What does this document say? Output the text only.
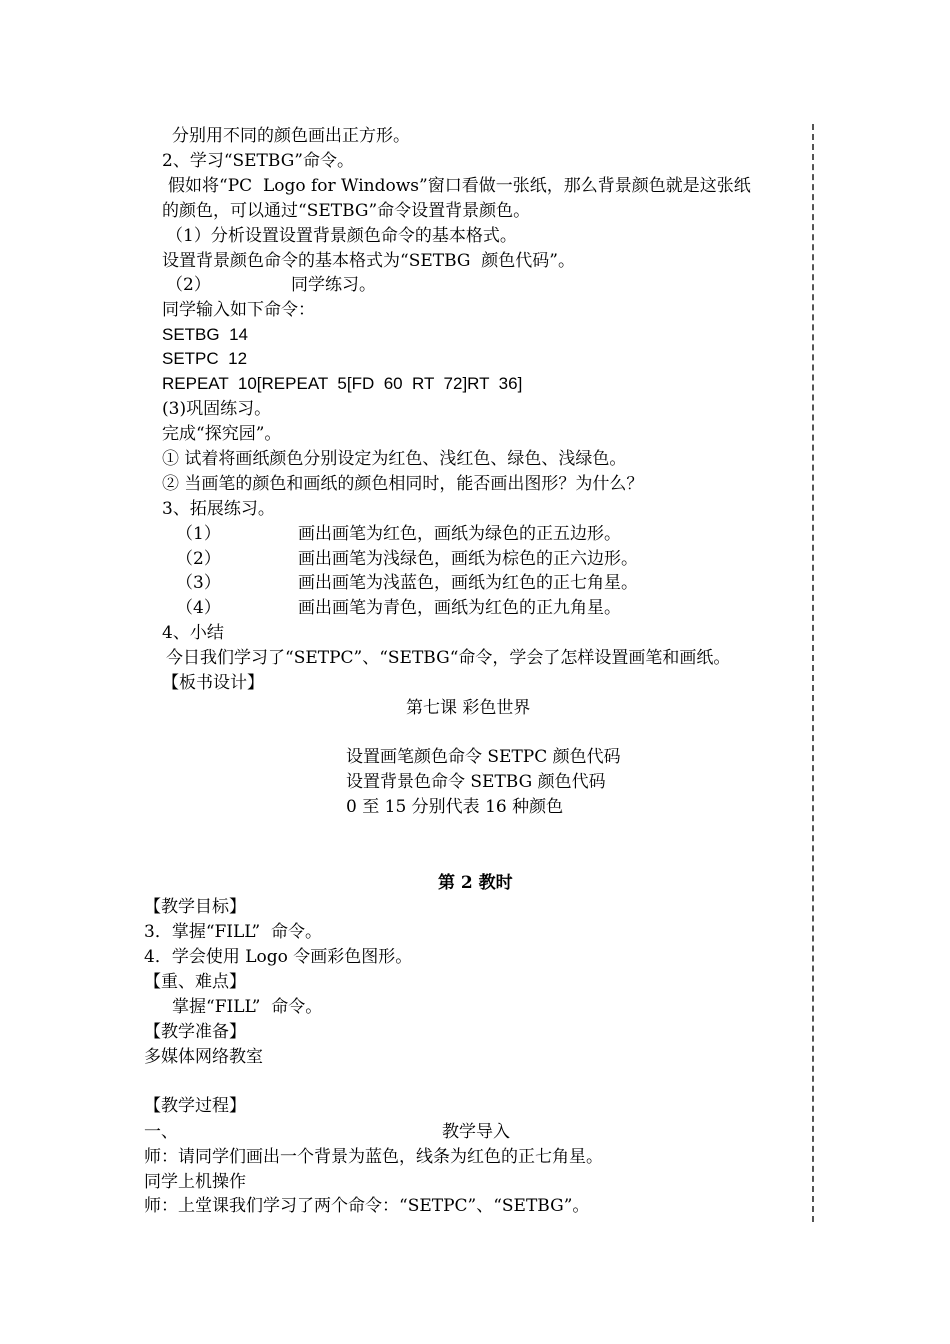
分别用不同的颜色画出正方形。
2、学习“SETBG”命令。
假如将“PC  Logo for Windows”窗口看做一张纸，那么背景颜色就是这张纸
的颜色，可以通过“SETBG”命令设置背景颜色。
（1）分析设置设置背景颜色命令的基本格式。
设置背景颜色命令的基本格式为“SETBG  颜色代码”。
（2）	同学练习。
同学输入如下命令：
SETBG  14
SETPC  12
REPEAT  10[REPEAT  5[FD  60  RT  72]RT  36]
(3)巩固练习。
完成“探究园”。
① 试着将画纸颜色分别设定为红色、浅红色、绿色、浅绿色。
② 当画笔的颜色和画纸的颜色相同时，能否画出图形？为什么？
3、拓展练习。
（1）	画出画笔为红色，画纸为绿色的正五边形。
（2）	画出画笔为浅绿色，画纸为棕色的正六边形。
（3）	画出画笔为浅蓝色，画纸为红色的正七角星。
（4）	画出画笔为青色，画纸为红色的正九角星。
4、小结
今日我们学习了“SETPC”、“SETBG“命令，学会了怎样设置画笔和画纸。
【板书设计】
第七课 彩色世界
设置画笔颜色命令 SETPC 颜色代码
设置背景色命令 SETBG 颜色代码
0 至 15 分别代表 16 种颜色
第 2 教时
【教学目标】
3．掌握“FILL”  命令。
4．学会使用 Logo 令画彩色图形。
【重、难点】
掌握“FILL”  命令。
【教学准备】
多媒体网络教室
【教学过程】
一、	教学导入
师：请同学们画出一个背景为蓝色，线条为红色的正七角星。
同学上机操作
师：上堂课我们学习了两个命令：“SETPC”、“SETBG”。
